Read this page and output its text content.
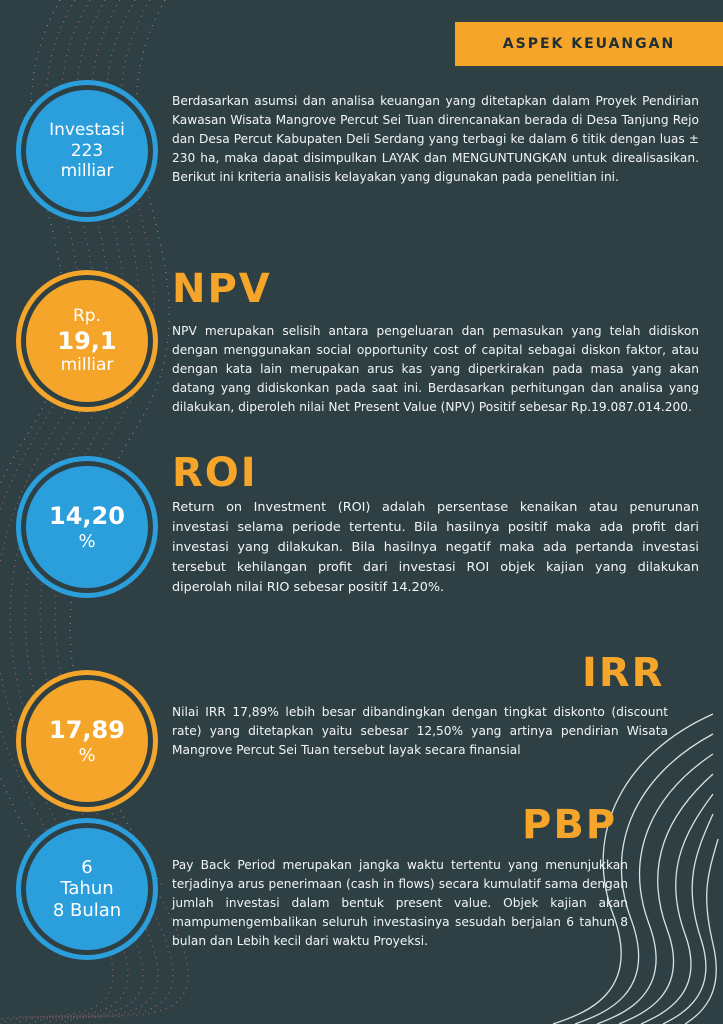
ASPEK KEUANGAN
Investasi
223
milliar

Berdasarkan asumsi dan analisa keuangan yang ditetapkan dalam Proyek Pendirian Kawasan Wisata Mangrove Percut Sei Tuan direncanakan berada di Desa Tanjung Rejo dan Desa Percut Kabupaten Deli Serdang yang terbagi ke dalam 6 titik dengan luas ± 230 ha, maka dapat disimpulkan LAYAK dan MENGUNTUNGKAN untuk direalisasikan. Berikut ini kriteria analisis kelayakan yang digunakan pada penelitian ini.

NPV
Rp.
19,1
milliar

NPV merupakan selisih antara pengeluaran dan pemasukan yang telah didiskon dengan menggunakan social opportunity cost of capital sebagai diskon faktor, atau dengan kata lain merupakan arus kas yang diperkirakan pada masa yang akan datang yang didiskonkan pada saat ini. Berdasarkan perhitungan dan analisa yang dilakukan, diperoleh nilai Net Present Value (NPV) Positif sebesar Rp.19.087.014.200.

ROI
14,20
%

Return on Investment (ROI) adalah persentase kenaikan atau penurunan investasi selama periode tertentu. Bila hasilnya positif maka ada profit dari investasi yang dilakukan. Bila hasilnya negatif maka ada pertanda investasi tersebut kehilangan profit dari investasi ROI objek kajian yang dilakukan diperolah nilai RIO sebesar positif 14.20%.

IRR
17,89
%

Nilai IRR 17,89% lebih besar dibandingkan dengan tingkat diskonto (discount rate) yang ditetapkan yaitu sebesar 12,50% yang artinya pendirian Wisata Mangrove Percut Sei Tuan tersebut layak secara finansial

PBP
6
Tahun
8 Bulan

Pay Back Period merupakan jangka waktu tertentu yang menunjukkan terjadinya arus penerimaan (cash in flows) secara kumulatif sama dengan jumlah investasi dalam bentuk present value. Objek kajian akan mampumengembalikan seluruh investasinya sesudah berjalan 6 tahun 8 bulan dan Lebih kecil dari waktu Proyeksi.
